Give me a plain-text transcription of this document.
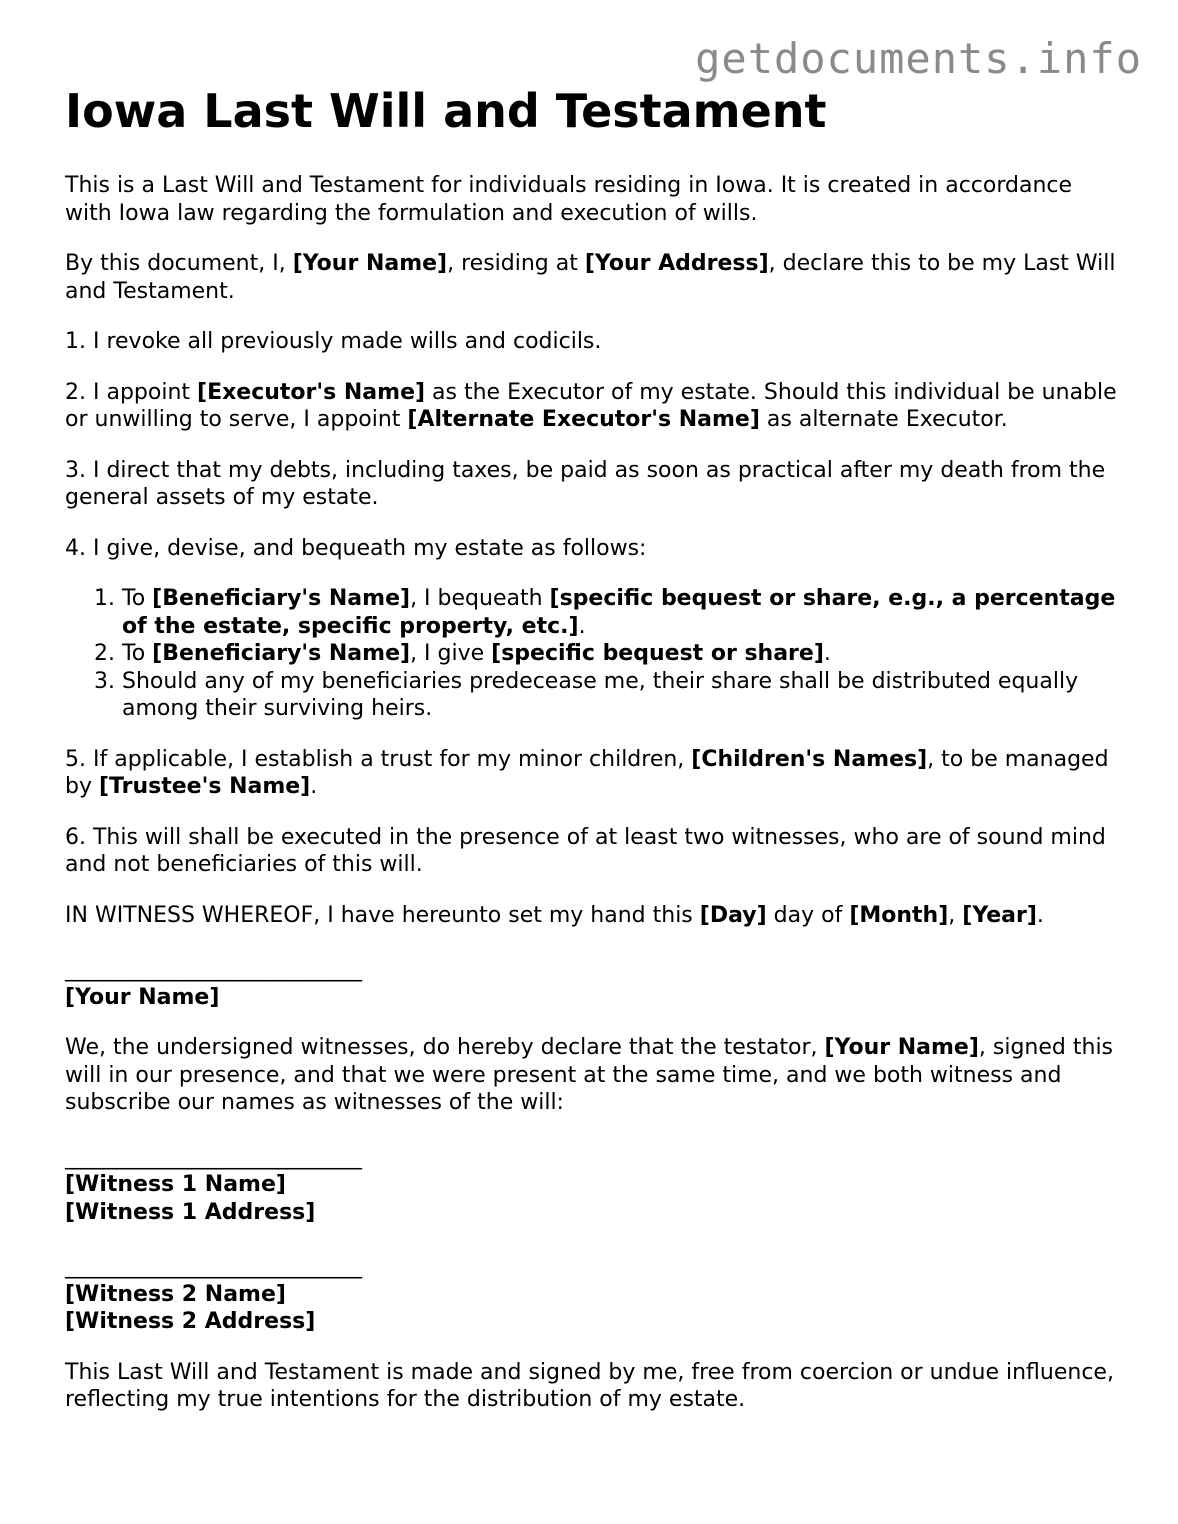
getdocuments.info
Iowa Last Will and Testament

This is a Last Will and Testament for individuals residing in Iowa. It is created in accordance with Iowa law regarding the formulation and execution of wills.

By this document, I, [Your Name], residing at [Your Address], declare this to be my Last Will and Testament.

1. I revoke all previously made wills and codicils.

2. I appoint [Executor's Name] as the Executor of my estate. Should this individual be unable or unwilling to serve, I appoint [Alternate Executor's Name] as alternate Executor.

3. I direct that my debts, including taxes, be paid as soon as practical after my death from the general assets of my estate.

4. I give, devise, and bequeath my estate as follows:

1. To [Beneficiary's Name], I bequeath [specific bequest or share, e.g., a percentage of the estate, specific property, etc.].
2. To [Beneficiary's Name], I give [specific bequest or share].
3. Should any of my beneficiaries predecease me, their share shall be distributed equally among their surviving heirs.

5. If applicable, I establish a trust for my minor children, [Children's Names], to be managed by [Trustee's Name].

6. This will shall be executed in the presence of at least two witnesses, who are of sound mind and not beneficiaries of this will.

IN WITNESS WHEREOF, I have hereunto set my hand this [Day] day of [Month], [Year].

___________________________
[Your Name]

We, the undersigned witnesses, do hereby declare that the testator, [Your Name], signed this will in our presence, and that we were present at the same time, and we both witness and subscribe our names as witnesses of the will:

___________________________
[Witness 1 Name]
[Witness 1 Address]
___________________________
[Witness 2 Name]
[Witness 2 Address]

This Last Will and Testament is made and signed by me, free from coercion or undue influence, reflecting my true intentions for the distribution of my estate.
